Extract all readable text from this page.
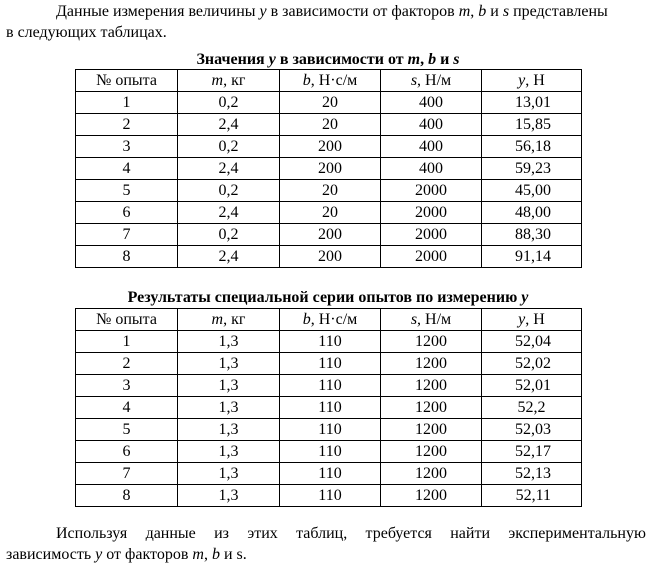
Данные измерения величины y в зависимости от факторов m, b и s представлены
в следующих таблицах.
Значения y в зависимости от m, b и s
№ опыта	m, кг	b, Н·с/м	s, Н/м	y, Н
1	0,2	20	400	13,01
2	2,4	20	400	15,85
3	0,2	200	400	56,18
4	2,4	200	400	59,23
5	0,2	20	2000	45,00
6	2,4	20	2000	48,00
7	0,2	200	2000	88,30
8	2,4	200	2000	91,14
Результаты специальной серии опытов по измерению y
№ опыта	m, кг	b, Н·с/м	s, Н/м	y, Н
1	1,3	110	1200	52,04
2	1,3	110	1200	52,02
3	1,3	110	1200	52,01
4	1,3	110	1200	52,2
5	1,3	110	1200	52,03
6	1,3	110	1200	52,17
7	1,3	110	1200	52,13
8	1,3	110	1200	52,11
Используя данные из этих таблиц, требуется найти экспериментальную
зависимость y от факторов m, b и s.
